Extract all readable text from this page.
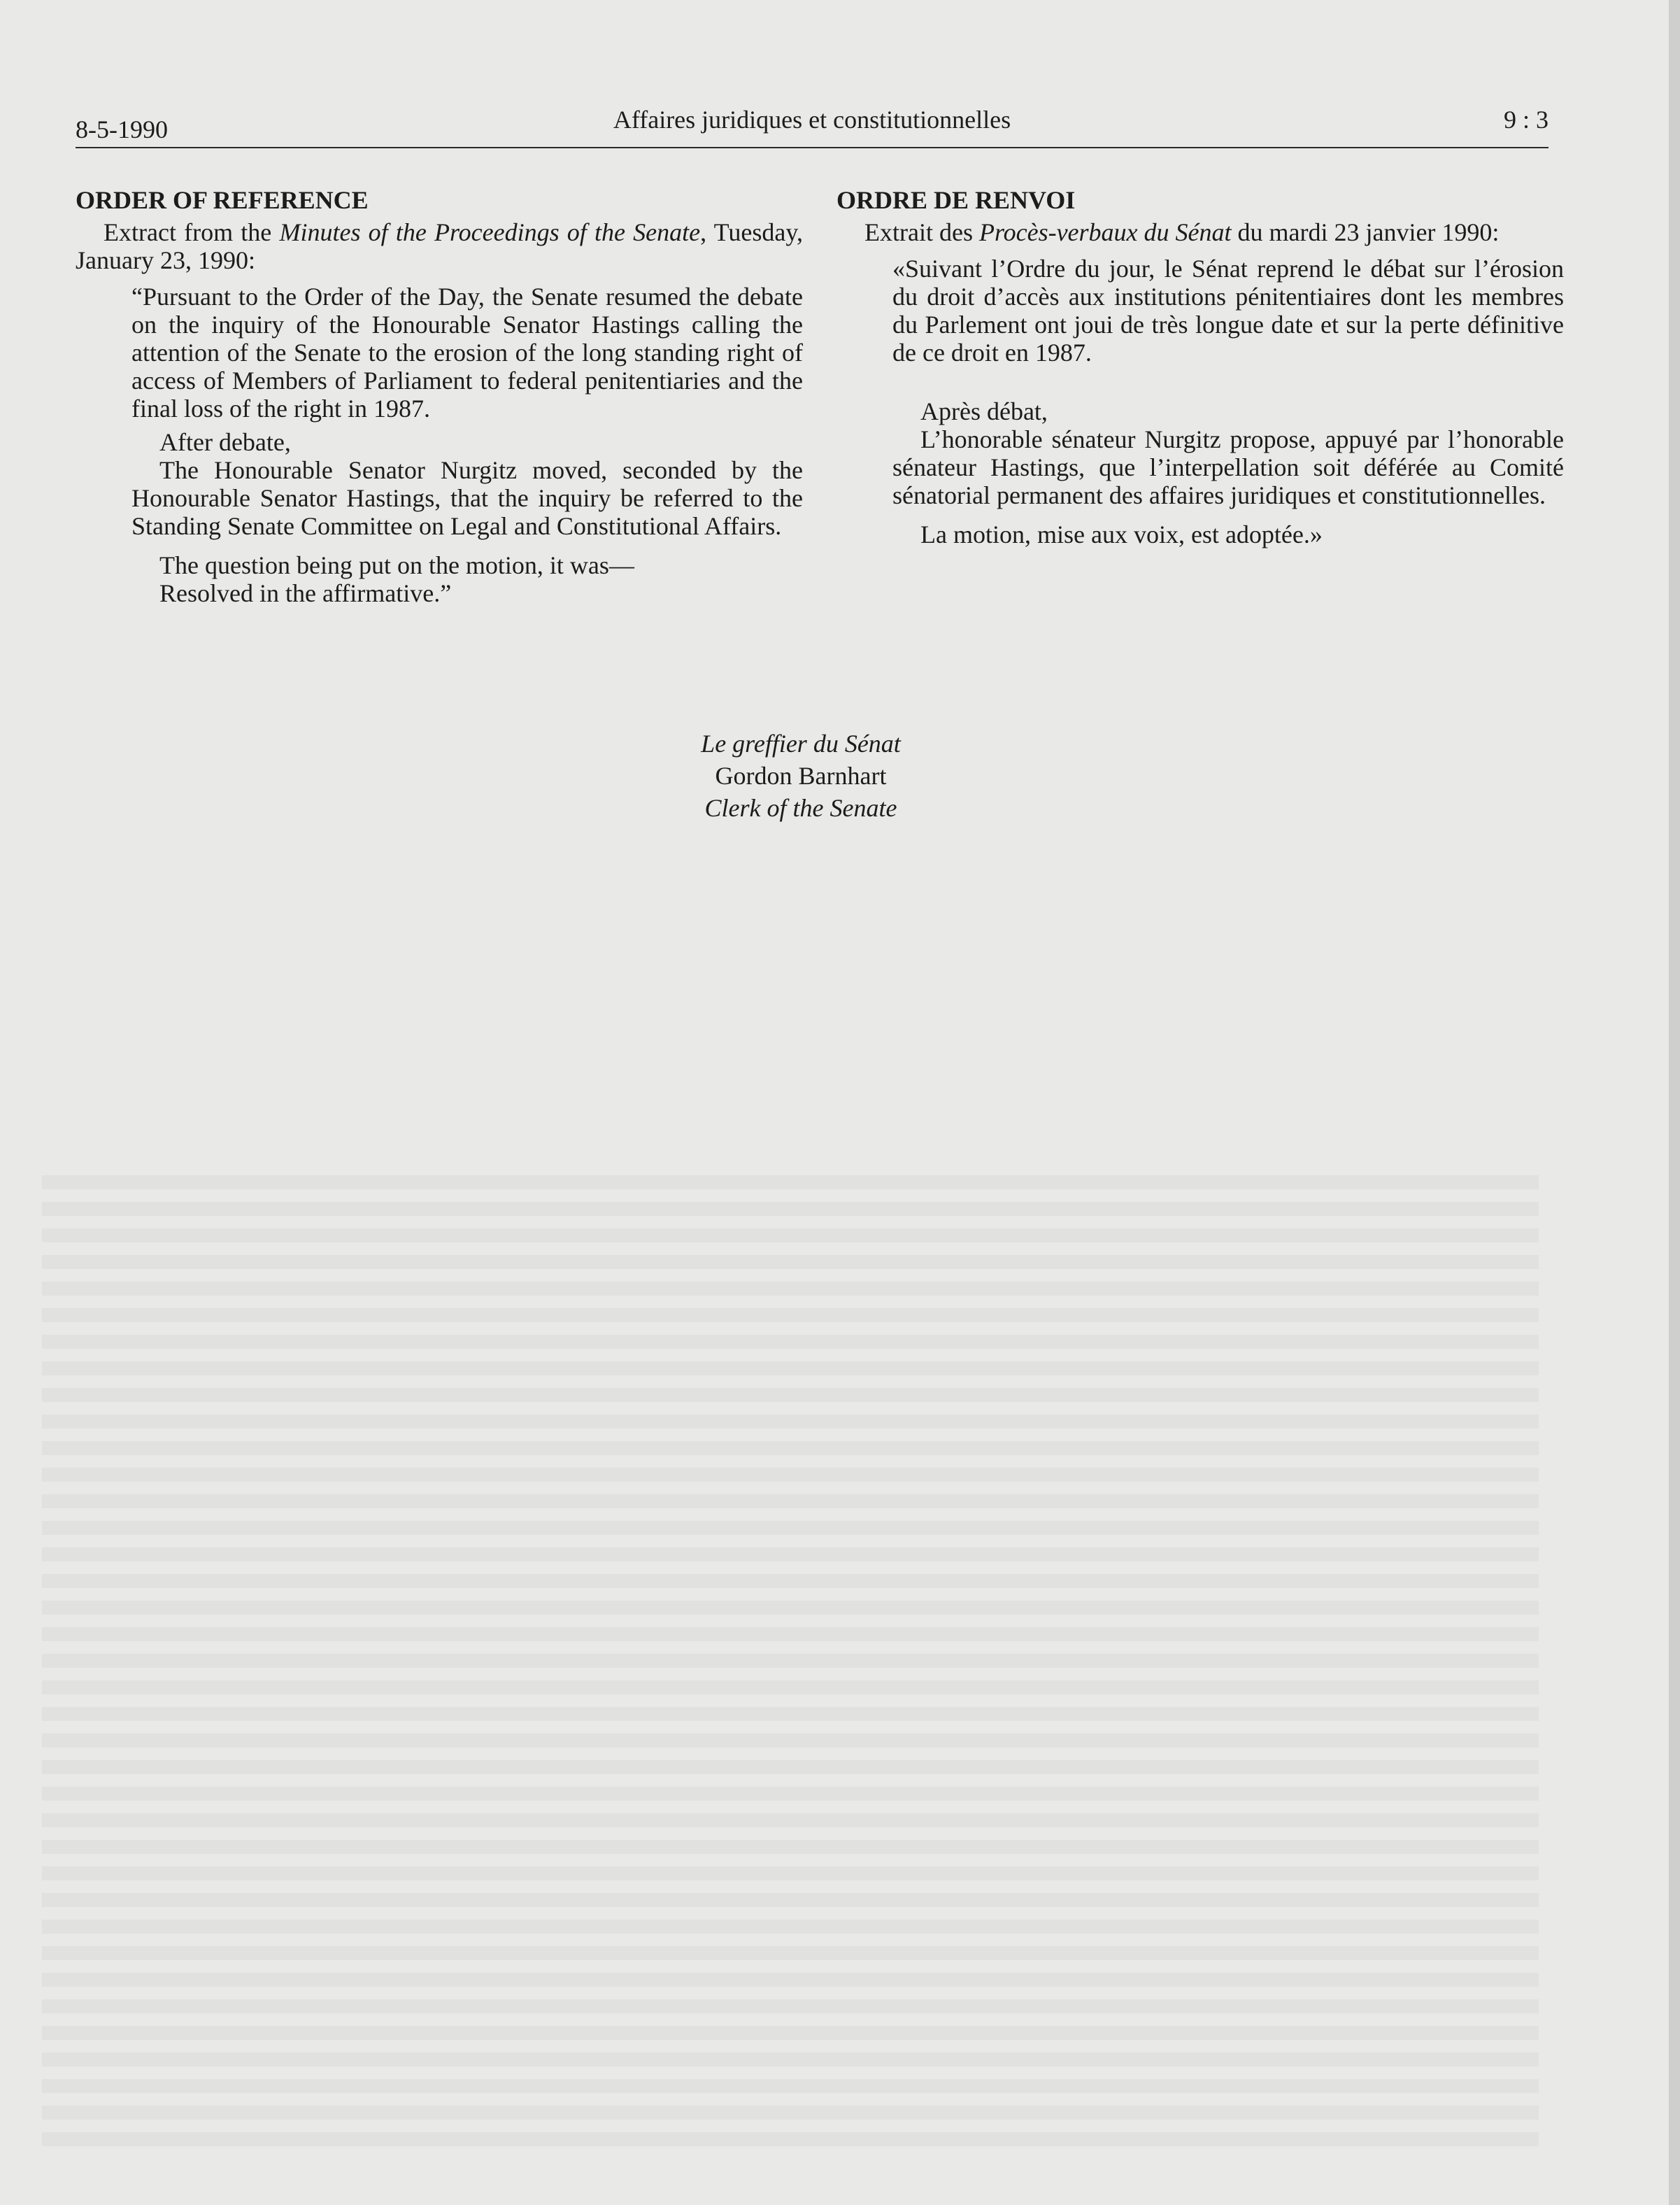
8-5-1990	Affaires juridiques et constitutionnelles	9 : 3
ORDER OF REFERENCE

Extract from the Minutes of the Proceedings of the Senate, Tuesday, January 23, 1990:

“Pursuant to the Order of the Day, the Senate resumed the debate on the inquiry of the Honourable Senator Hastings calling the attention of the Senate to the erosion of the long standing right of access of Members of Parliament to federal penitentiaries and the final loss of the right in 1987.

After debate,

The Honourable Senator Nurgitz moved, seconded by the Honourable Senator Hastings, that the inquiry be referred to the Standing Senate Committee on Legal and Constitutional Affairs.

The question being put on the motion, it was—

Resolved in the affirmative.”

ORDRE DE RENVOI

Extrait des Procès-verbaux du Sénat du mardi 23 janvier 1990:

«Suivant l’Ordre du jour, le Sénat reprend le débat sur l’érosion du droit d’accès aux institutions pénitentiaires dont les membres du Parlement ont joui de très longue date et sur la perte définitive de ce droit en 1987.

Après débat,

L’honorable sénateur Nurgitz propose, appuyé par l’honorable sénateur Hastings, que l’interpellation soit déférée au Comité sénatorial permanent des affaires juridiques et constitutionnelles.

La motion, mise aux voix, est adoptée.»

Le greffier du Sénat
Gordon Barnhart
Clerk of the Senate
